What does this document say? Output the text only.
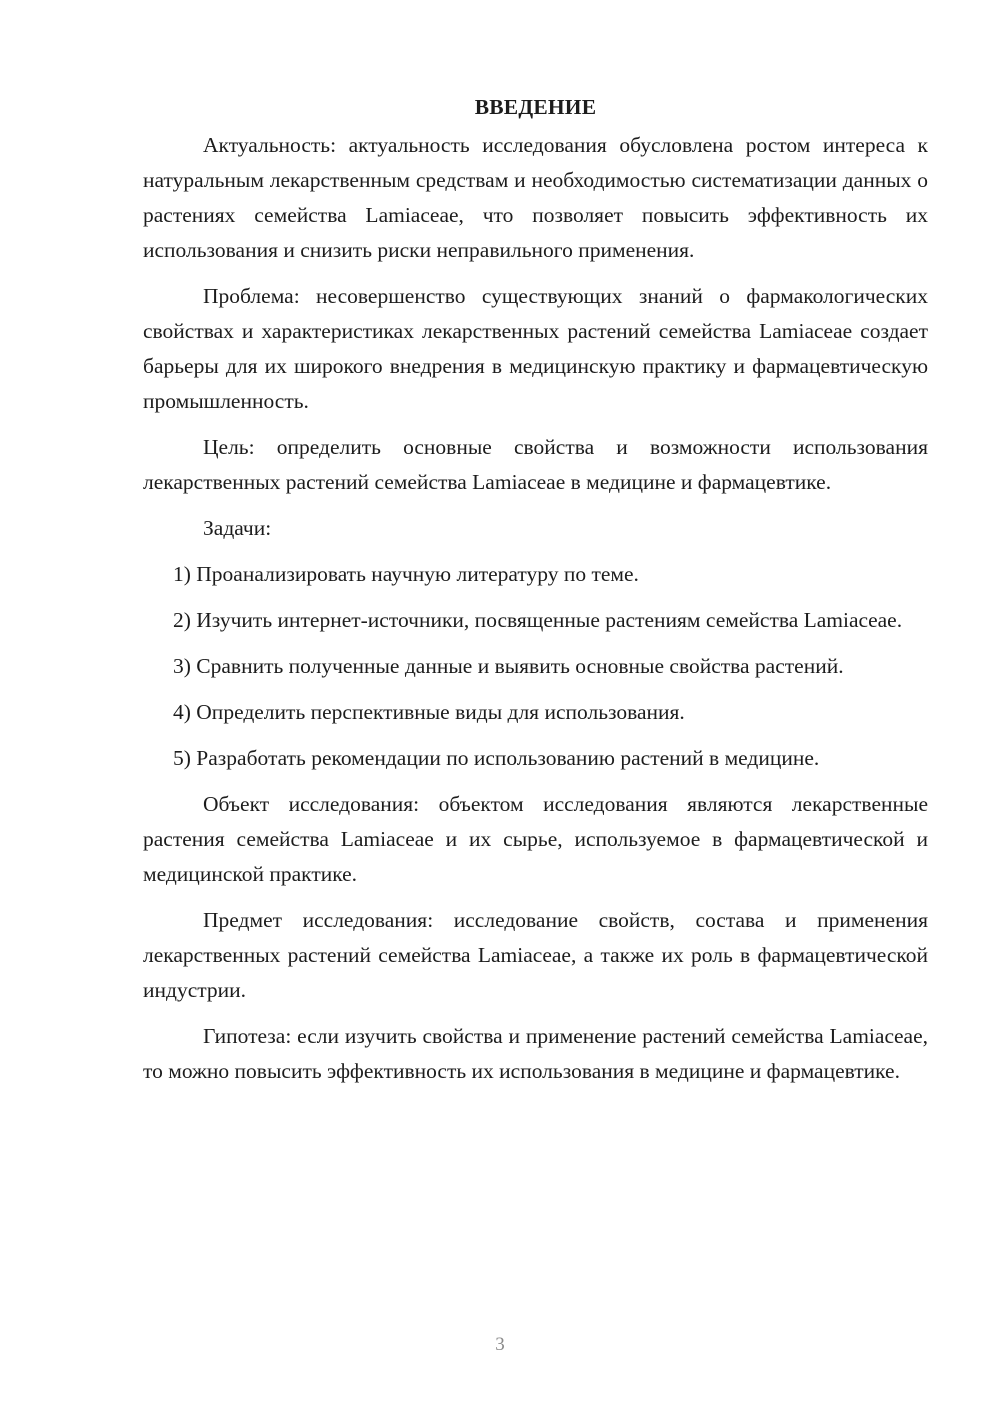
ВВЕДЕНИЕ

Актуальность: актуальность исследования обусловлена ростом интереса к натуральным лекарственным средствам и необходимостью систематизации данных о растениях семейства Lamiaceae, что позволяет повысить эффективность их использования и снизить риски неправильного применения.

Проблема: несовершенство существующих знаний о фармакологических свойствах и характеристиках лекарственных растений семейства Lamiaceae создает барьеры для их широкого внедрения в медицинскую практику и фармацевтическую промышленность.

Цель: определить основные свойства и возможности использования лекарственных растений семейства Lamiaceae в медицине и фармацевтике.

Задачи:

1) Проанализировать научную литературу по теме.

2) Изучить интернет-источники, посвященные растениям семейства Lamiaceae.

3) Сравнить полученные данные и выявить основные свойства растений.

4) Определить перспективные виды для использования.

5) Разработать рекомендации по использованию растений в медицине.

Объект исследования: объектом исследования являются лекарственные растения семейства Lamiaceae и их сырье, используемое в фармацевтической и медицинской практике.

Предмет исследования: исследование свойств, состава и применения лекарственных растений семейства Lamiaceae, а также их роль в фармацевтической индустрии.

Гипотеза: если изучить свойства и применение растений семейства Lamiaceae, то можно повысить эффективность их использования в медицине и фармацевтике.

3
